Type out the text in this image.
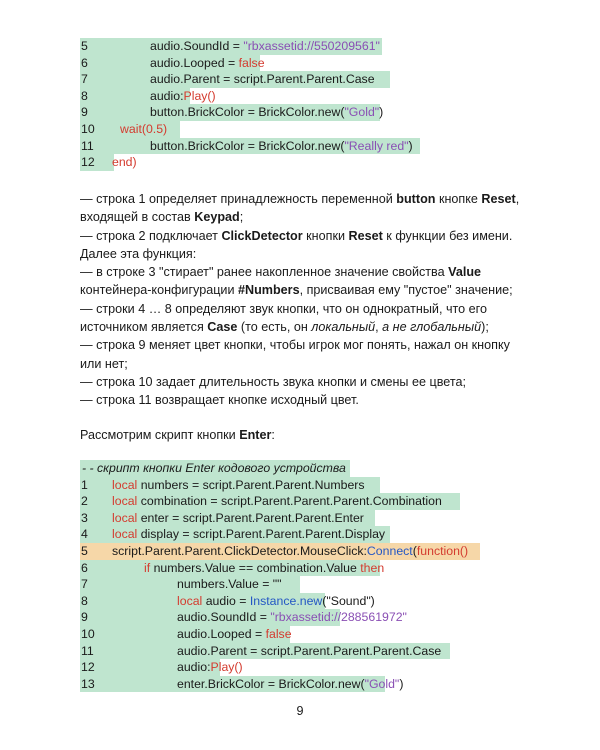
5	audio.SoundId = "rbxassetid://550209561"
6	audio.Looped = false
7	audio.Parent = script.Parent.Parent.Case
8	audio:Play()
9	button.BrickColor = BrickColor.new("Gold")
10 wait(0.5)
11	button.BrickColor = BrickColor.new("Really red")
12 end)

— строка 1 определяет принадлежность переменной button кнопке Reset, входящей в состав Keypad;

— строка 2 подключает ClickDetector кнопки Reset к функции без имени. Далее эта функция:

— в строке 3 "стирает" ранее накопленное значение свойства Value контейнера-конфигурации #Numbers, присваивая ему "пустое" значение;

— строки 4 … 8 определяют звук кнопки, что он однократный, что его источником является Case (то есть, он локальный, а не глобальный);

— строка 9 меняет цвет кнопки, чтобы игрок мог понять, нажал он кнопку или нет;

— строка 10 задает длительность звука кнопки и смены ее цвета;

— строка 11 возвращает кнопке исходный цвет.

Рассмотрим скрипт кнопки Enter:
- - скрипт кнопки Enter кодового устройства
1 local numbers = script.Parent.Parent.Numbers
2 local combination = script.Parent.Parent.Parent.Combination
3 local enter = script.Parent.Parent.Parent.Enter
4 local display = script.Parent.Parent.Parent.Display
5 script.Parent.Parent.ClickDetector.MouseClick:Connect(function()
6	if numbers.Value == combination.Value then
7	numbers.Value = ""
8	local audio = Instance.new("Sound")
9	audio.SoundId = "rbxassetid://288561972"
10	audio.Looped = false
11	audio.Parent = script.Parent.Parent.Parent.Case
12	audio:Play()
13	enter.BrickColor = BrickColor.new("Gold")
9
